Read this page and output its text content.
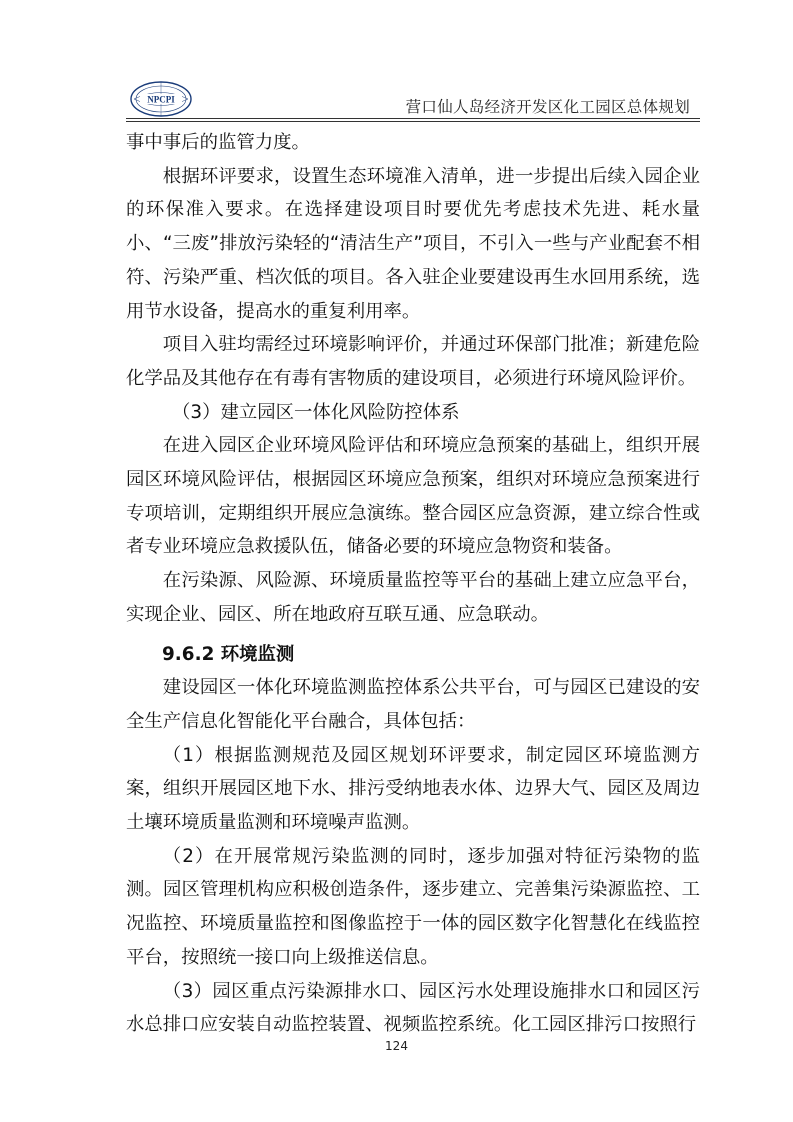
NPCPI	营口仙人岛经济开发区化工园区总体规划

事中事后的监管力度。

根据环评要求，设置生态环境准入清单，进一步提出后续入园企业的环保准入要求。在选择建设项目时要优先考虑技术先进、耗水量小、“三废”排放污染轻的“清洁生产”项目，不引入一些与产业配套不相符、污染严重、档次低的项目。各入驻企业要建设再生水回用系统，选用节水设备，提高水的重复利用率。

项目入驻均需经过环境影响评价，并通过环保部门批准；新建危险化学品及其他存在有毒有害物质的建设项目，必须进行环境风险评价。

（3）建立园区一体化风险防控体系

在进入园区企业环境风险评估和环境应急预案的基础上，组织开展园区环境风险评估，根据园区环境应急预案，组织对环境应急预案进行专项培训，定期组织开展应急演练。整合园区应急资源，建立综合性或者专业环境应急救援队伍，储备必要的环境应急物资和装备。

在污染源、风险源、环境质量监控等平台的基础上建立应急平台，实现企业、园区、所在地政府互联互通、应急联动。

9.6.2 环境监测

建设园区一体化环境监测监控体系公共平台，可与园区已建设的安全生产信息化智能化平台融合，具体包括：

（1）根据监测规范及园区规划环评要求，制定园区环境监测方案，组织开展园区地下水、排污受纳地表水体、边界大气、园区及周边土壤环境质量监测和环境噪声监测。

（2）在开展常规污染监测的同时，逐步加强对特征污染物的监测。园区管理机构应积极创造条件，逐步建立、完善集污染源监控、工况监控、环境质量监控和图像监控于一体的园区数字化智慧化在线监控平台，按照统一接口向上级推送信息。

（3）园区重点污染源排水口、园区污水处理设施排水口和园区污水总排口应安装自动监控装置、视频监控系统。化工园区排污口按照行

124
